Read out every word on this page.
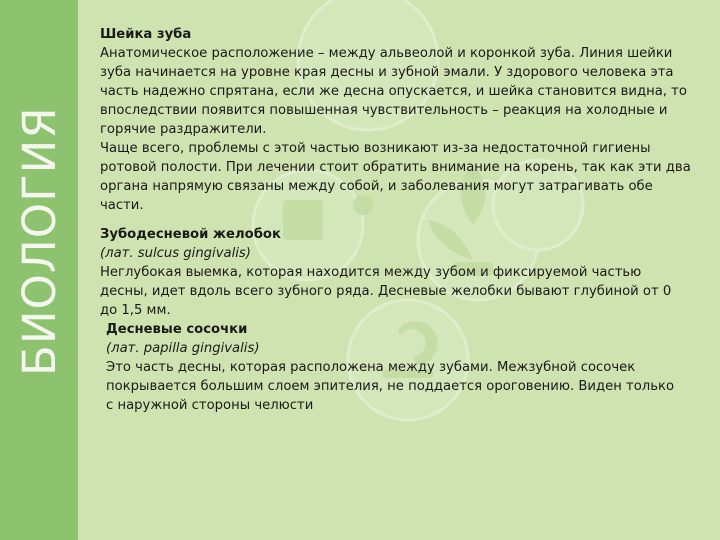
БИОЛОГИЯ

Шейка зуба

Анатомическое расположение – между альвеолой и коронкой зуба. Линия шейки

зуба начинается на уровне края десны и зубной эмали. У здорового человека эта

часть надежно спрятана, если же десна опускается, и шейка становится видна, то

впоследствии появится повышенная чувствительность – реакция на холодные и

горячие раздражители.

Чаще всего, проблемы с этой частью возникают из-за недостаточной гигиены

ротовой полости. При лечении стоит обратить внимание на корень, так как эти два

органа напрямую связаны между собой, и заболевания могут затрагивать обе

части.

Зубодесневой желобок

(лат. sulcus gingivalis)

Неглубокая выемка, которая находится между зубом и фиксируемой частью

десны, идет вдоль всего зубного ряда. Десневые желобки бывают глубиной от 0

до 1,5 мм.

Десневые сосочки

(лат. papilla gingivalis)

Это часть десны, которая расположена между зубами. Межзубной сосочек

покрывается большим слоем эпителия, не поддается ороговению. Виден только

с наружной стороны челюсти
